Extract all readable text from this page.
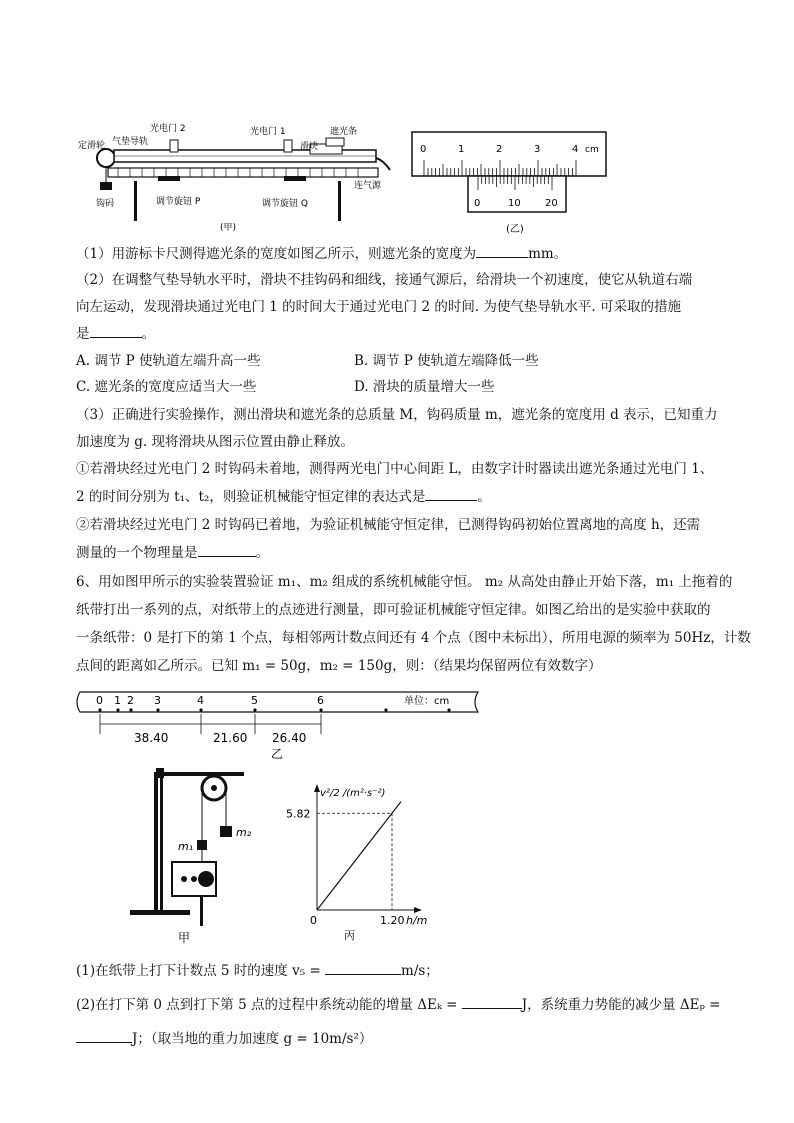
定滑轮 气垫导轨
光电门 2	光电门 1
滑块
遮光条
钩码	调节旋钮 P	调节旋钮 Q
连气源
(甲)
0	1	2	3	4 cm
0	10 20
(乙)
（1）用游标卡尺测得遮光条的宽度如图乙所示，则遮光条的宽度为	mm。
（2）在调整气垫导轨水平时，滑块不挂钩码和细线，接通气源后，给滑块一个初速度，使它从轨道右端
向左运动，发现滑块通过光电门 1 的时间大于通过光电门 2 的时间. 为使气垫导轨水平. 可采取的措施
是	。
A. 调节 P 使轨道左端升高一些	B. 调节 P 使轨道左端降低一些
C. 遮光条的宽度应适当大一些	D. 滑块的质量增大一些
（3）正确进行实验操作，测出滑块和遮光条的总质量 M，钩码质量 m，遮光条的宽度用 d 表示，已知重力
加速度为 g. 现将滑块从图示位置由静止释放。
①若滑块经过光电门 2 时钩码未着地，测得两光电门中心间距 L，由数字计时器读出遮光条通过光电门 1、
2 的时间分别为 t₁、t₂，则验证机械能守恒定律的表达式是	。
②若滑块经过光电门 2 时钩码已着地，为验证机械能守恒定律，已测得钩码初始位置离地的高度 h，还需
测量的一个物理量是	。
6、用如图甲所示的实验装置验证 m₁、m₂ 组成的系统机械能守恒。 m₂ 从高处由静止开始下落，m₁ 上拖着的
纸带打出一系列的点，对纸带上的点迹进行测量，即可验证机械能守恒定律。如图乙给出的是实验中获取的
一条纸带：0 是打下的第 1 个点，每相邻两计数点间还有 4 个点（图中未标出），所用电源的频率为 50Hz，计数
点间的距离如乙所示。已知 m₁ = 50g，m₂ = 150g，则：（结果均保留两位有效数字）
0 1 2 3	4	5	6	单位：cm
38.40	21.60 26.40
乙
m₂
m₁
甲
v²/2 /(m²·s⁻²)
h/m
0
5.82
1.20
丙
(1)在纸带上打下计数点 5 时的速度 v₅ =	m/s；
(2)在打下第 0 点到打下第 5 点的过程中系统动能的增量 ΔEₖ =	J，系统重力势能的减少量 ΔEₚ =
J；（取当地的重力加速度 g = 10m/s²）
